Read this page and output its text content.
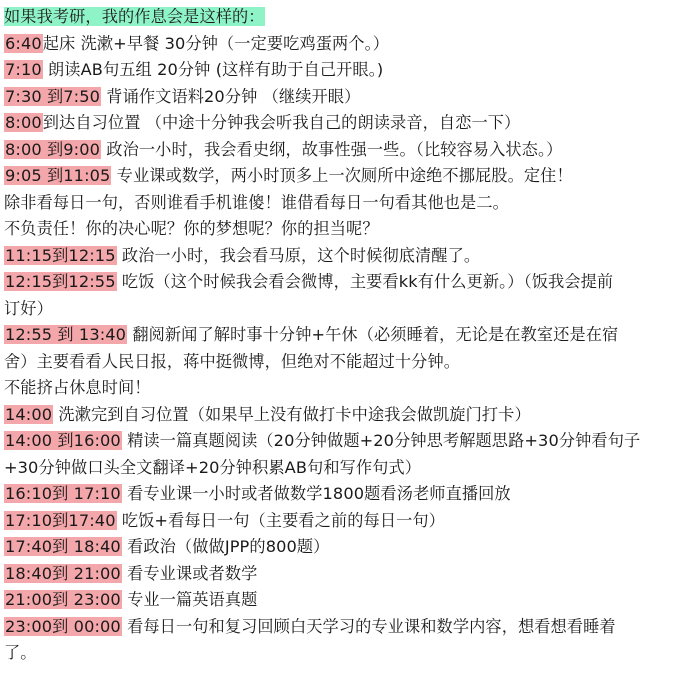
如果我考研，我的作息会是这样的：
6:40起床 洗漱+早餐 30分钟（一定要吃鸡蛋两个。）
7:10 朗读AB句五组 20分钟 (这样有助于自己开眼。)
7:30 到7:50 背诵作文语料20分钟 （继续开眼）
8:00到达自习位置 （中途十分钟我会听我自己的朗读录音，自恋一下）
8:00 到9:00 政治一小时，我会看史纲，故事性强一些。（比较容易入状态。）
9:05 到11:05 专业课或数学，两小时顶多上一次厕所中途绝不挪屁股。定住！
除非看每日一句，否则谁看手机谁傻！谁借看每日一句看其他也是二。
不负责任！你的决心呢？你的梦想呢？你的担当呢？
11:15到12:15 政治一小时，我会看马原，这个时候彻底清醒了。
12:15到12:55 吃饭（这个时候我会看会微博，主要看kk有什么更新。）（饭我会提前
订好）
12:55 到 13:40 翻阅新闻了解时事十分钟+午休（必须睡着，无论是在教室还是在宿
舍）主要看看人民日报，蒋中挺微博，但绝对不能超过十分钟。
不能挤占休息时间！
14:00 洗漱完到自习位置（如果早上没有做打卡中途我会做凯旋门打卡）
14:00 到16:00 精读一篇真题阅读（20分钟做题+20分钟思考解题思路+30分钟看句子
+30分钟做口头全文翻译+20分钟积累AB句和写作句式）
16:10到 17:10 看专业课一小时或者做数学1800题看汤老师直播回放
17:10到17:40 吃饭+看每日一句（主要看之前的每日一句）
17:40到 18:40 看政治（做做JPP的800题）
18:40到 21:00 看专业课或者数学
21:00到 23:00 专业一篇英语真题
23:00到 00:00 看每日一句和复习回顾白天学习的专业课和数学内容，想看想看睡着
了。
